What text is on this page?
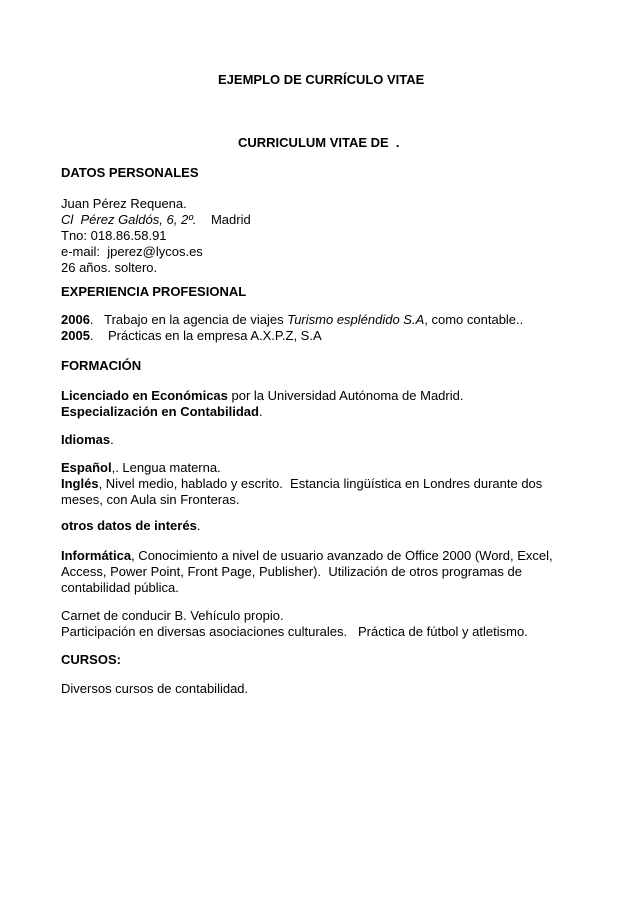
EJEMPLO DE CURRÍCULO VITAE
CURRICULUM VITAE DE  .
DATOS PERSONALES
Juan Pérez Requena.
Cl  Pérez Galdós, 6, 2º.    Madrid
Tno: 018.86.58.91
e-mail:  jperez@lycos.es
26 años. soltero.
EXPERIENCIA PROFESIONAL
2006.   Trabajo en la agencia de viajes Turismo espléndido S.A, como contable..
2005.    Prácticas en la empresa A.X.P.Z, S.A
FORMACIÓN
Licenciado en Económicas por la Universidad Autónoma de Madrid.
Especialización en Contabilidad.
Idiomas.
Español,. Lengua materna.
Inglés, Nivel medio, hablado y escrito.  Estancia lingüística en Londres durante dos
meses, con Aula sin Fronteras.
otros datos de interés.
Informática, Conocimiento a nivel de usuario avanzado de Office 2000 (Word, Excel,
Access, Power Point, Front Page, Publisher).  Utilización de otros programas de
contabilidad pública.
Carnet de conducir B. Vehículo propio.
Participación en diversas asociaciones culturales.   Práctica de fútbol y atletismo.
CURSOS:
Diversos cursos de contabilidad.
